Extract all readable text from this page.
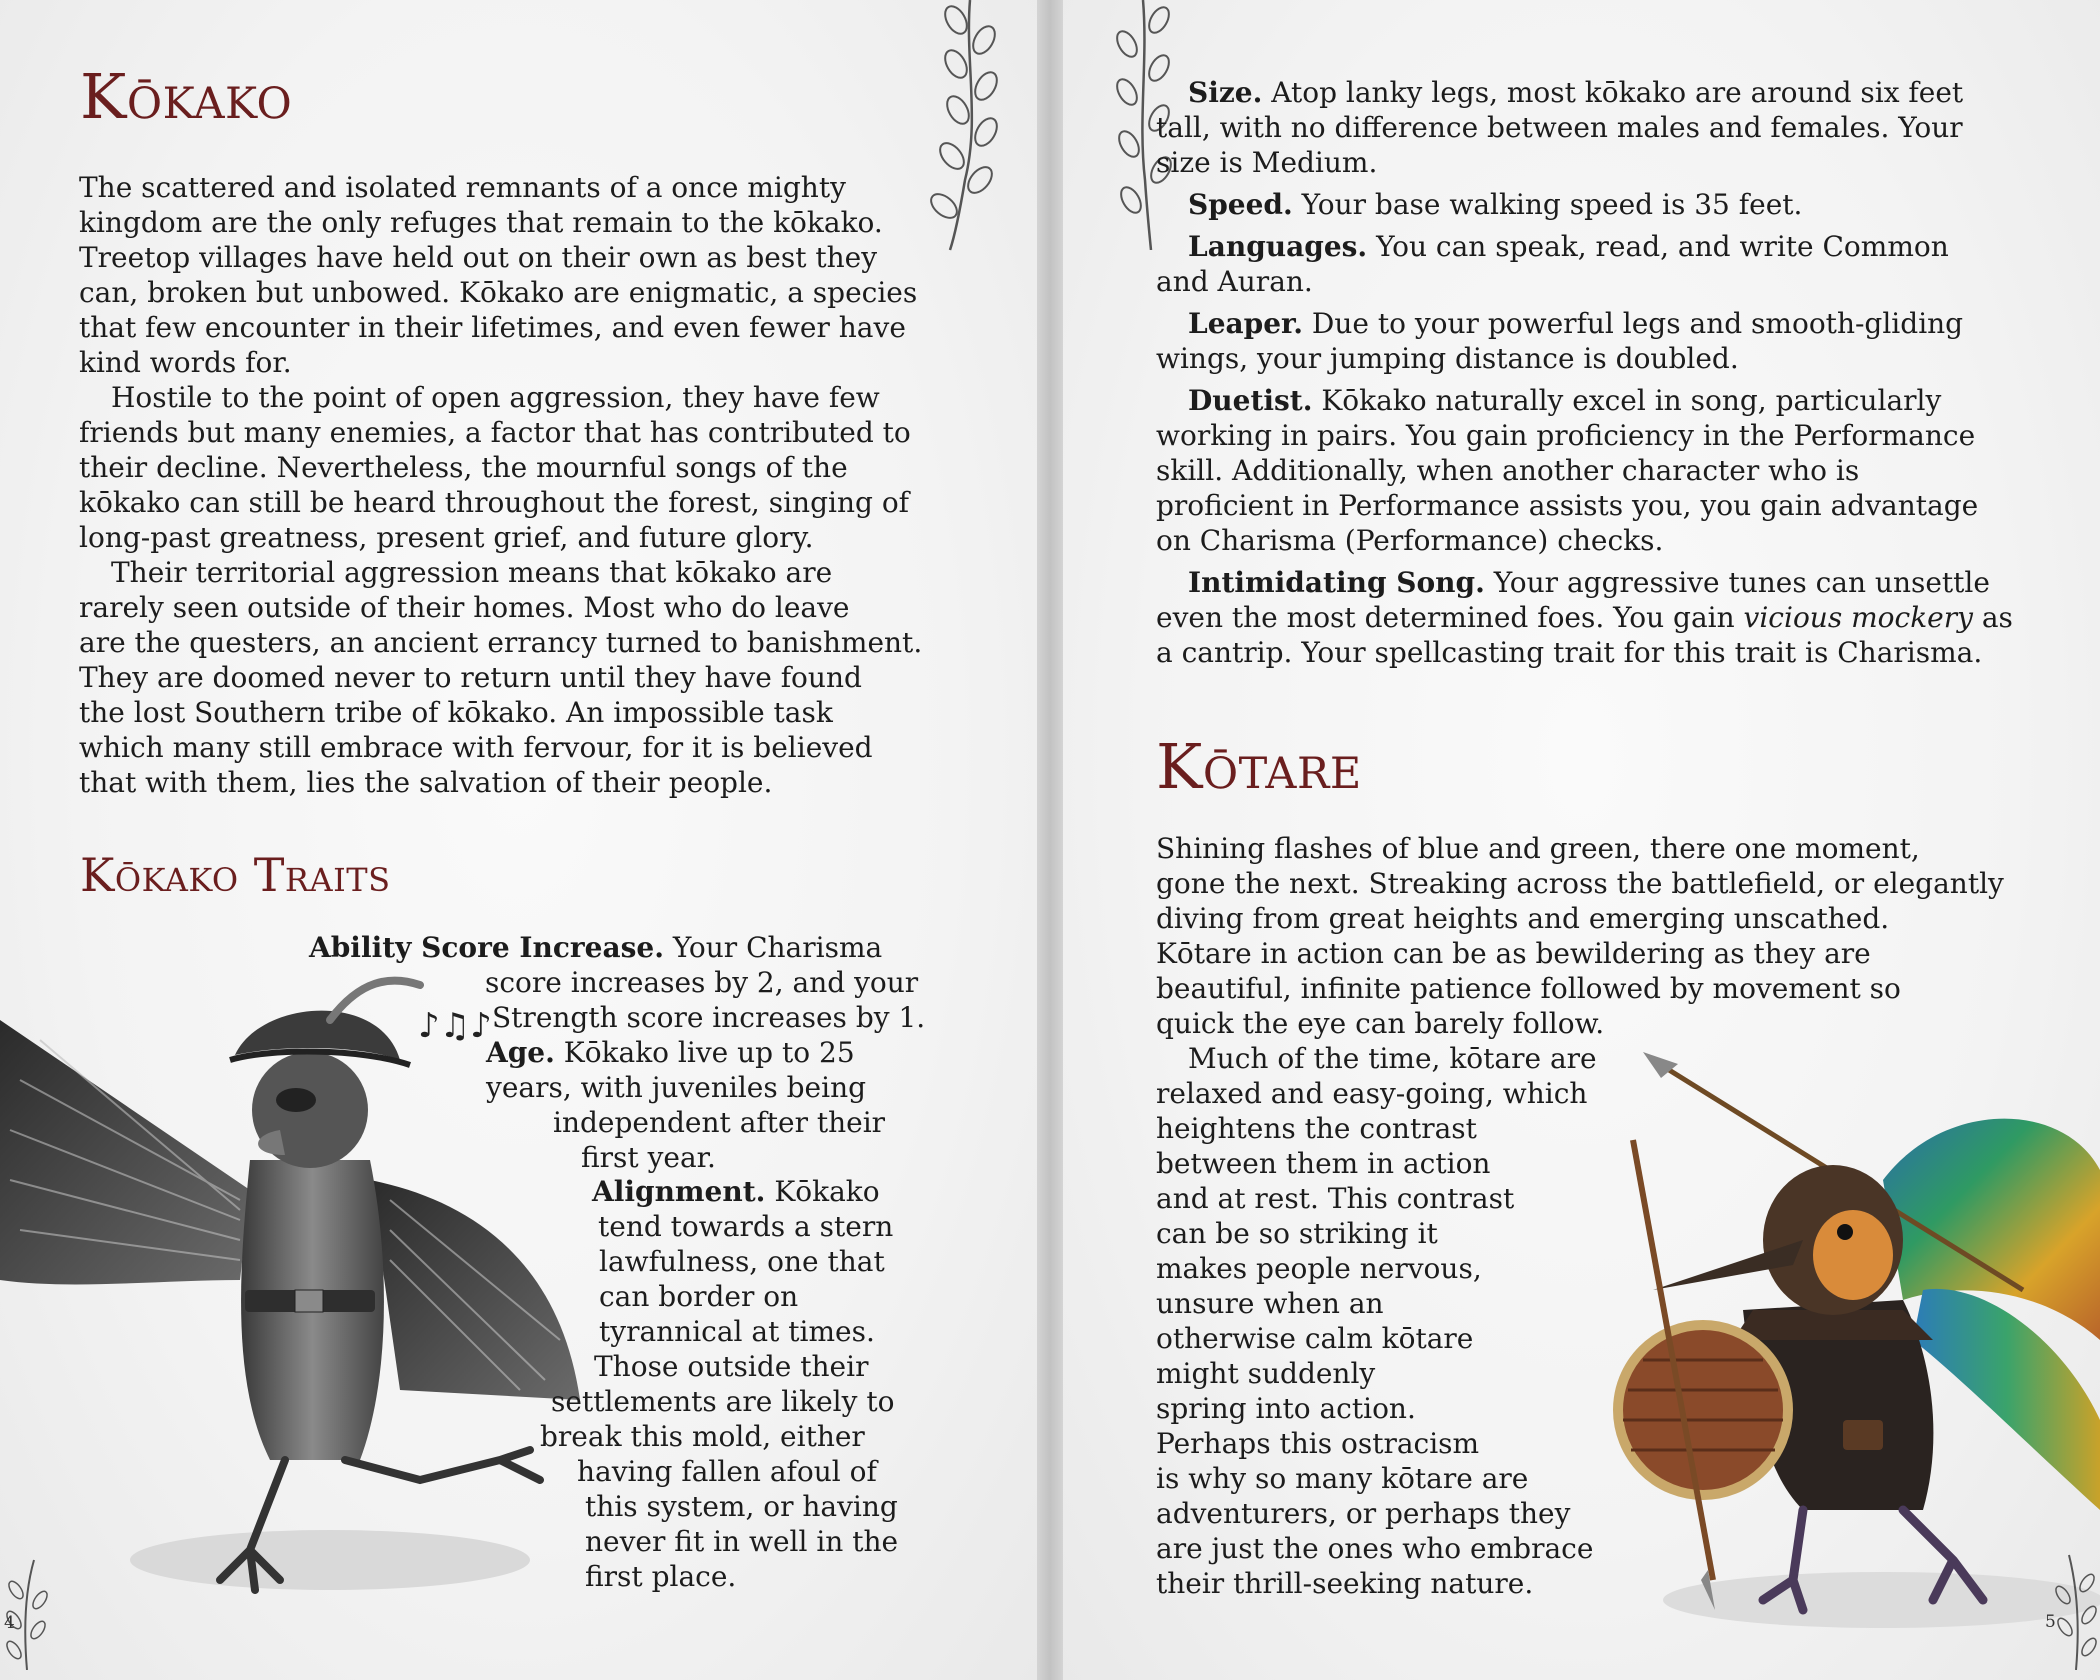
Kōkako
The scattered and isolated remnants of a once mighty
kingdom are the only refuges that remain to the kōkako.
Treetop villages have held out on their own as best they
can, broken but unbowed. Kōkako are enigmatic, a species
that few encounter in their lifetimes, and even fewer have
kind words for.
Hostile to the point of open aggression, they have few
friends but many enemies, a factor that has contributed to
their decline. Nevertheless, the mournful songs of the
kōkako can still be heard throughout the forest, singing of
long-past greatness, present grief, and future glory.
Their territorial aggression means that kōkako are
rarely seen outside of their homes. Most who do leave
are the questers, an ancient errancy turned to banishment.
They are doomed never to return until they have found
the lost Southern tribe of kōkako. An impossible task
which many still embrace with fervour, for it is believed
that with them, lies the salvation of their people.
Kōkako Traits
♪♫♪
Ability Score Increase. Your Charisma
score increases by 2, and your
Strength score increases by 1.
Age. Kōkako live up to 25
years, with juveniles being
independent after their
first year.
Alignment. Kōkako
tend towards a stern
lawfulness, one that
can border on
tyrannical at times.
Those outside their
settlements are likely to
break this mold, either
having fallen afoul of
this system, or having
never fit in well in the
first place.
4
Size. Atop lanky legs, most kōkako are around six feet
tall, with no difference between males and females. Your
size is Medium.
Speed. Your base walking speed is 35 feet.
Languages. You can speak, read, and write Common
and Auran.
Leaper. Due to your powerful legs and smooth-gliding
wings, your jumping distance is doubled.
Duetist. Kōkako naturally excel in song, particularly
working in pairs. You gain proficiency in the Performance
skill. Additionally, when another character who is
proficient in Performance assists you, you gain advantage
on Charisma (Performance) checks.
Intimidating Song. Your aggressive tunes can unsettle
even the most determined foes. You gain vicious mockery as
a cantrip. Your spellcasting trait for this trait is Charisma.
Kōtare
Shining flashes of blue and green, there one moment,
gone the next. Streaking across the battlefield, or elegantly
diving from great heights and emerging unscathed.
Kōtare in action can be as bewildering as they are
beautiful, infinite patience followed by movement so
quick the eye can barely follow.
Much of the time, kōtare are
relaxed and easy-going, which
heightens the contrast
between them in action
and at rest. This contrast
can be so striking it
makes people nervous,
unsure when an
otherwise calm kōtare
might suddenly
spring into action.
Perhaps this ostracism
is why so many kōtare are
adventurers, or perhaps they
are just the ones who embrace
their thrill-seeking nature.
5
